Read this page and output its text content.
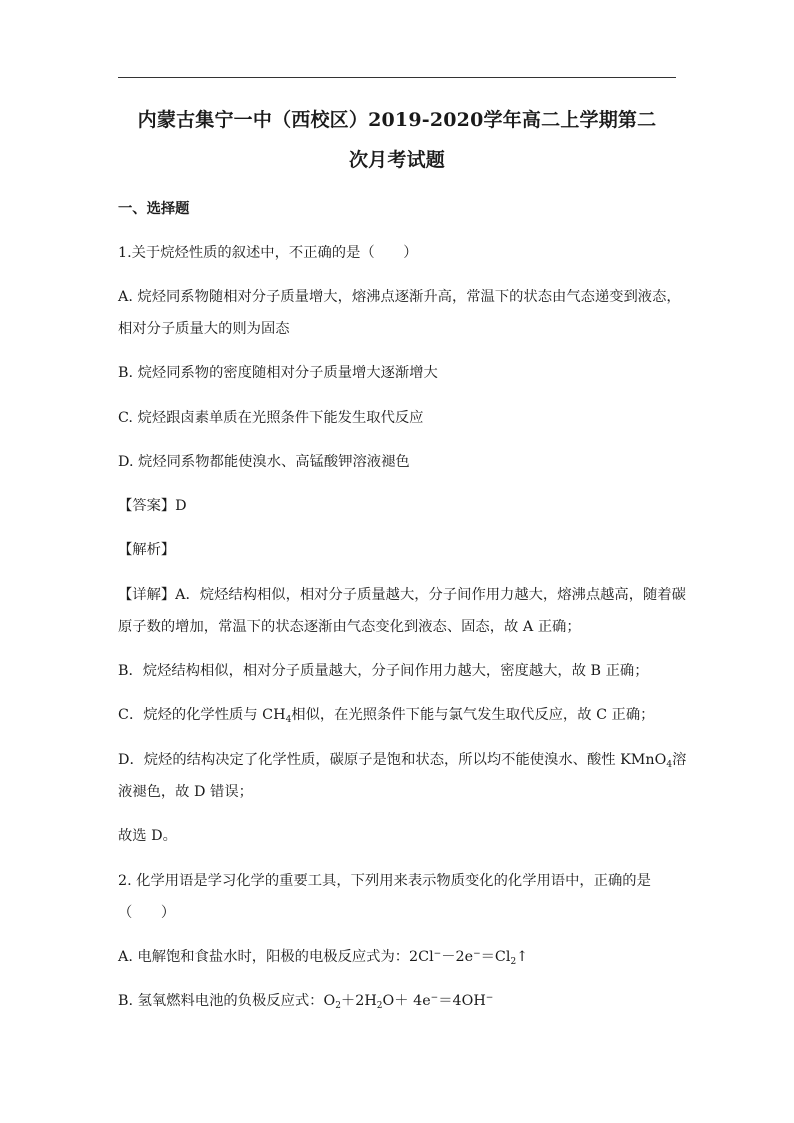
内蒙古集宁一中（西校区）2019-2020学年高二上学期第二
次月考试题
一、选择题
1.关于烷烃性质的叙述中，不正确的是（　　）
A. 烷烃同系物随相对分子质量增大，熔沸点逐渐升高，常温下的状态由气态递变到液态，
相对分子质量大的则为固态
B. 烷烃同系物的密度随相对分子质量增大逐渐增大
C. 烷烃跟卤素单质在光照条件下能发生取代反应
D. 烷烃同系物都能使溴水、高锰酸钾溶液褪色
【答案】D
【解析】
【详解】A．烷烃结构相似，相对分子质量越大，分子间作用力越大，熔沸点越高，随着碳
原子数的增加，常温下的状态逐渐由气态变化到液态、固态，故 A 正确；
B．烷烃结构相似，相对分子质量越大，分子间作用力越大，密度越大，故 B 正确；
C．烷烃的化学性质与 $CH_4$相似，在光照条件下能与氯气发生取代反应，故 C 正确；
D．烷烃的结构决定了化学性质，碳原子是饱和状态，所以均不能使溴水、酸性 KMnO$_4$溶
液褪色，故 D 错误；
故选 D。
2. 化学用语是学习化学的重要工具，下列用来表示物质变化的化学用语中，正确的是
（　　）
A. 电解饱和食盐水时，阳极的电极反应式为：$2Cl^--2e^-=Cl_2↑$
B. 氢氧燃料电池的负极反应式：$O_2+2H_2O+ 4e^-=4OH^-$
